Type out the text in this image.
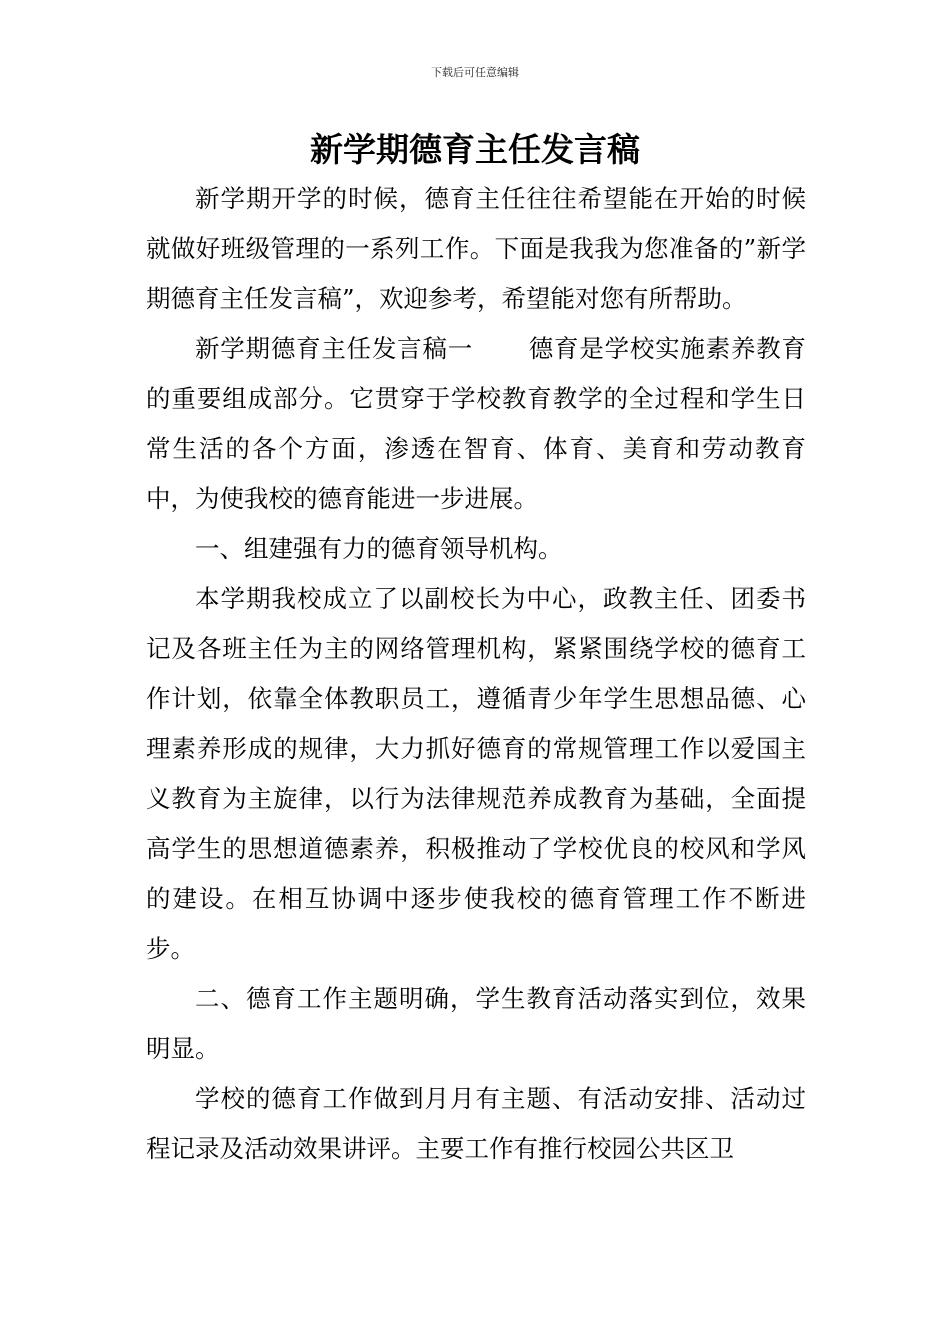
下载后可任意编辑
新学期德育主任发言稿

新学期开学的时候，德育主任往往希望能在开始的时候就做好班级管理的一系列工作。下面是我我为您准备的”新学期德育主任发言稿”，欢迎参考，希望能对您有所帮助。

新学期德育主任发言稿一 德育是学校实施素养教育的重要组成部分。它贯穿于学校教育教学的全过程和学生日常生活的各个方面，渗透在智育、体育、美育和劳动教育中，为使我校的德育能进一步进展。

一、组建强有力的德育领导机构。

本学期我校成立了以副校长为中心，政教主任、团委书记及各班主任为主的网络管理机构，紧紧围绕学校的德育工作计划，依靠全体教职员工，遵循青少年学生思想品德、心理素养形成的规律，大力抓好德育的常规管理工作以爱国主义教育为主旋律，以行为法律规范养成教育为基础，全面提高学生的思想道德素养，积极推动了学校优良的校风和学风的建设。在相互协调中逐步使我校的德育管理工作不断进步。

二、德育工作主题明确，学生教育活动落实到位，效果明显。

学校的德育工作做到月月有主题、有活动安排、活动过程记录及活动效果讲评。主要工作有推行校园公共区卫
